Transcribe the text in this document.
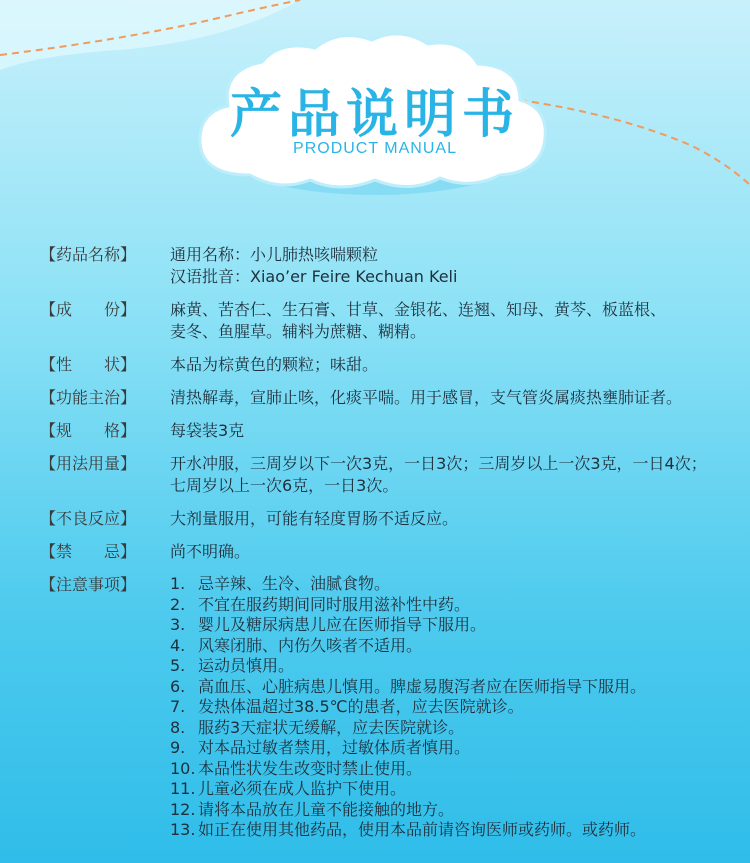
产品说明书
PRODUCT MANUAL
【药品名称】	通用名称：小儿肺热咳喘颗粒
汉语批音：Xiao’er Feire Kechuan Keli
【成　　份】	麻黄、苦杏仁、生石膏、甘草、金银花、连翘、知母、黄芩、板蓝根、
麦冬、鱼腥草。辅料为蔗糖、糊精。
【性　　状】	本品为棕黄色的颗粒；味甜。
【功能主治】	清热解毒，宣肺止咳，化痰平喘。用于感冒，支气管炎属痰热壅肺证者。
【规　　格】	每袋装3克
【用法用量】	开水冲服，三周岁以下一次3克，一日3次；三周岁以上一次3克，一日4次；
七周岁以上一次6克，一日3次。
【不良反应】	大剂量服用，可能有轻度胃肠不适反应。
【禁　　忌】	尚不明确。
【注意事项】	1. 忌辛辣、生冷、油腻食物。
2. 不宜在服药期间同时服用滋补性中药。
3. 婴儿及糖尿病患儿应在医师指导下服用。
4. 风寒闭肺、内伤久咳者不适用。
5. 运动员慎用。
6. 高血压、心脏病患儿慎用。脾虚易腹泻者应在医师指导下服用。
7. 发热体温超过38.5℃的患者，应去医院就诊。
8. 服药3天症状无缓解，应去医院就诊。
9. 对本品过敏者禁用，过敏体质者慎用。
10. 本品性状发生改变时禁止使用。
11. 儿童必须在成人监护下使用。
12. 请将本品放在儿童不能接触的地方。
13. 如正在使用其他药品，使用本品前请咨询医师或药师。或药师。
